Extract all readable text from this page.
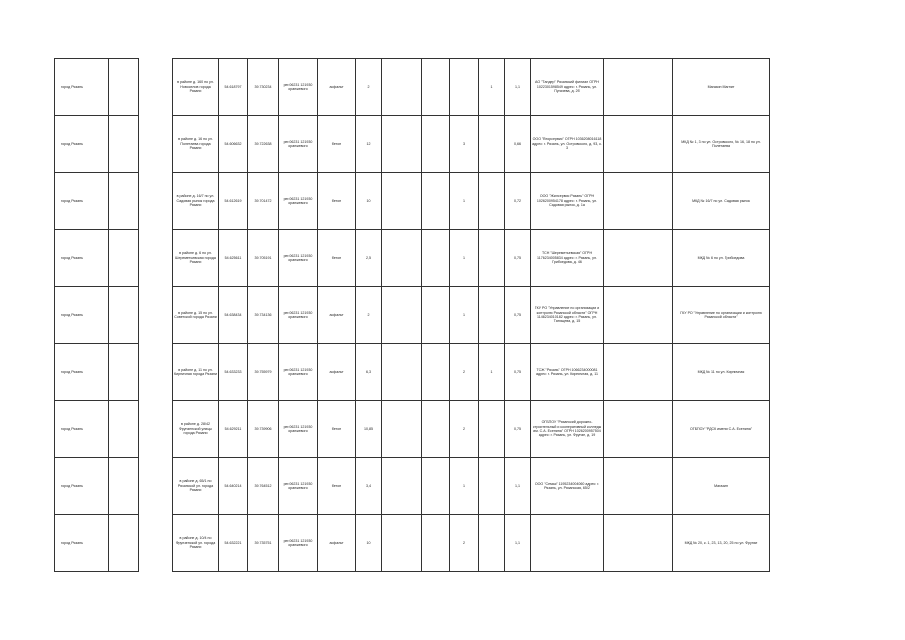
город Рязань			в районе д. 160 по ул. Новоселов города Рязани	54.618797	39.730234	рег.06231 121930 оранжевого	асфальт	2				1	1,1	АО "Тандер" Рязанский филиал ОГРН 1022301598549 адрес: г. Рязань, ул. Пугачева, д. 2б		Магазин Магнит
город Рязань			в районе д. 16 по ул. Полетаева города Рязани	54.606632	39.722638	рег.06231 121930 оранжевого	бетон	12			3		0,66	ООО "Вторсервис" ОГРН 1036208016118 адрес: г. Рязань, ул. Островского, д. 93, к. 3		МКД № 1, 3 по ул. Островского, № 16, 18 по ул. Полетаева
город Рязань			в районе д. 16/7 по ул. Садовая рынок города Рязани	54.612619	39.701472	рег.06231 121930 оранжевого	бетон	10			1		0,72	ООО "Жилсервис Рязань" ОГРН 1026200954178 адрес: г. Рязань, ул. Садовая рынок, д. 1а		МКД № 16/7 по ул. Садовая рынок
город Рязань			в районе д. 6 по ул. Шереметьевская города Рязани	54.625611	39.705191	рег.06231 121930 оранжевого	бетон	2,5			1		0,75	ТСН "Шереметьевская" ОГРН 1176234005834 адрес: г. Рязань, ул. Грибоедова, д. 46		МКД № 6 по ул. Грибоедова
город Рязань			в районе д. 15 по ул. Советской города Рязани	54.638434	39.734136	рег.06231 121930 оранжевого	асфальт	2			1		0,75	ГКУ РО "Управление по организации и контролю Рязанской области" ОГРН 1146234010182 адрес: г. Рязань, ул. Татищева, д. 15		ГКУ РО "Управление по организации и контролю Рязанской области"
город Рязань			в районе д. 11 по ул. Кирпичная города Рязани	54.633233	39.755979	рег.06231 121930 оранжевого	асфальт	6,3			2	1	0,75	ТСЖ "Рязань" ОГРН 1066234000081 адрес: г. Рязань, ул. Кирпичная, д. 11		МКД № 11 по ул. Кирпичная
город Рязань			в районе д. 28/42 Фрунзенской улицы города Рязани	54.629211	39.739906	рег.06231 121930 оранжевого	бетон	10,85			2		0,75	ОГБПОУ "Рязанский дорожно-строительный и кооперативный колледж им. С.А. Есенина" ОГРН 1026200957504 адрес: г. Рязань, ул. Фрунзе, д. 19		ОГБПОУ "РДСК имени С.А. Есенина"
город Рязань			в районе д. 65/1 по Рязанской ул. города Рязани	54.640214	39.764512	рег.06231 121930 оранжевого	бетон	3,4			1		1,1	ООО "Семья" 1195234004060 адрес: г. Рязань, ул. Рязанская, 65/2		Магазин
город Рязань			в районе д. 10/4 по Фрунзенской ул. города Рязани	54.632221	39.735751	рег.06231 121930 оранжевого	асфальт	10			2		1,1			МКД № 20, к. 1, 23, 13, 20, 25 по ул. Фрунзе
